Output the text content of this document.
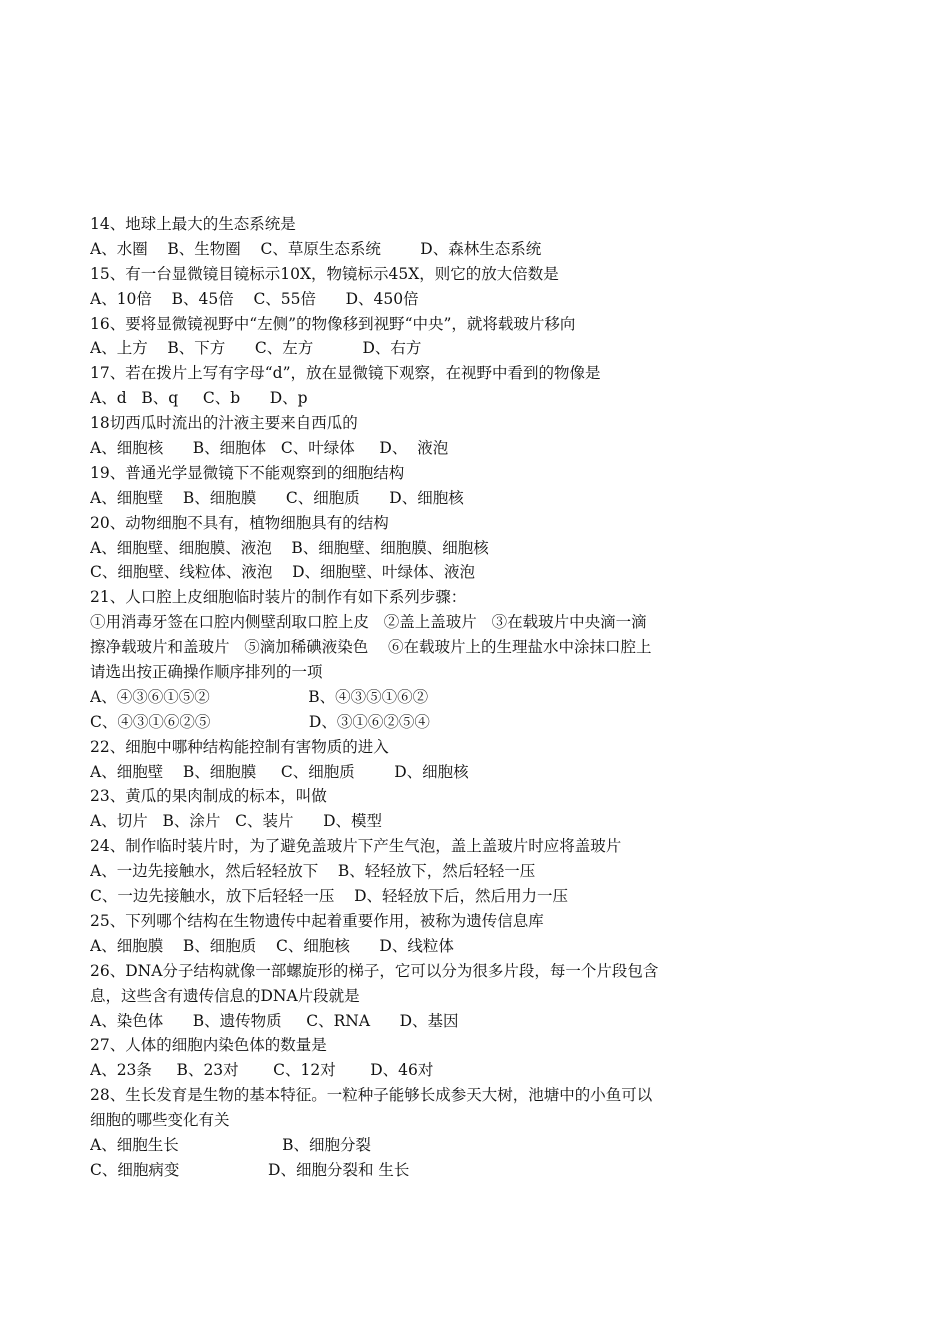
14、地球上最大的生态系统是
A、水圈    B、生物圈    C、草原生态系统        D、森林生态系统
15、有一台显微镜目镜标示10X，物镜标示45X，则它的放大倍数是
A、10倍    B、45倍    C、55倍      D、450倍
16、要将显微镜视野中“左侧”的物像移到视野“中央”，就将载玻片移向
A、上方    B、下方      C、左方          D、右方
17、若在拨片上写有字母“d”，放在显微镜下观察，在视野中看到的物像是
A、d   B、q     C、b      D、p
18切西瓜时流出的汁液主要来自西瓜的
A、细胞核      B、细胞体   C、叶绿体     D、  液泡
19、普通光学显微镜下不能观察到的细胞结构
A、细胞壁    B、细胞膜      C、细胞质      D、细胞核
20、动物细胞不具有，植物细胞具有的结构
A、细胞壁、细胞膜、液泡    B、细胞壁、细胞膜、细胞核
C、细胞壁、线粒体、液泡    D、细胞壁、叶绿体、液泡
21、人口腔上皮细胞临时装片的制作有如下系列步骤：
①用消毒牙签在口腔内侧壁刮取口腔上皮   ②盖上盖玻片   ③在载玻片中央滴一滴
擦净载玻片和盖玻片   ⑤滴加稀碘液染色    ⑥在载玻片上的生理盐水中涂抹口腔上
请选出按正确操作顺序排列的一项
A、④③⑥①⑤②                    B、④③⑤①⑥②
C、④③①⑥②⑤                    D、③①⑥②⑤④
22、细胞中哪种结构能控制有害物质的进入
A、细胞壁    B、细胞膜     C、细胞质        D、细胞核
23、黄瓜的果肉制成的标本，叫做
A、切片   B、涂片   C、装片      D、模型
24、制作临时装片时，为了避免盖玻片下产生气泡，盖上盖玻片时应将盖玻片
A、一边先接触水，然后轻轻放下    B、轻轻放下，然后轻轻一压
C、一边先接触水，放下后轻轻一压    D、轻轻放下后，然后用力一压
25、下列哪个结构在生物遗传中起着重要作用，被称为遗传信息库
A、细胞膜    B、细胞质    C、细胞核      D、线粒体
26、DNA分子结构就像一部螺旋形的梯子，它可以分为很多片段，每一个片段包含
息，这些含有遗传信息的DNA片段就是
A、染色体      B、遗传物质     C、RNA      D、基因
27、人体的细胞内染色体的数量是
A、23条     B、23对       C、12对       D、46对
28、生长发育是生物的基本特征。一粒种子能够长成参天大树，池塘中的小鱼可以
细胞的哪些变化有关
A、细胞生长                     B、细胞分裂
C、细胞病变                  D、细胞分裂和 生长
